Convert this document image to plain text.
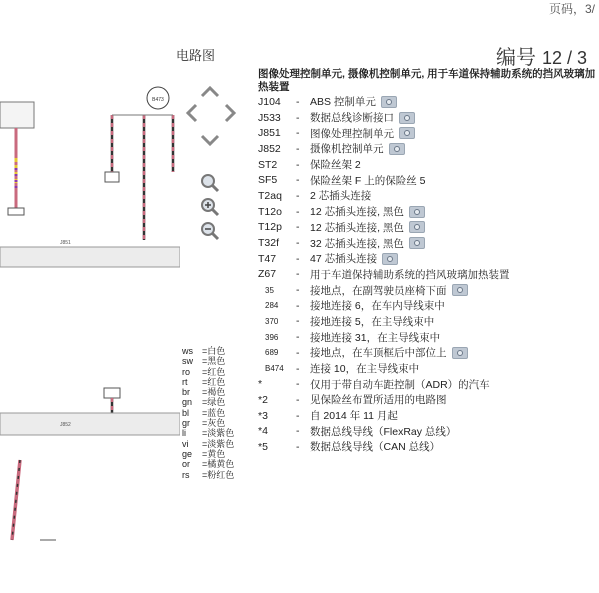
页码，3/
电路图	编号 12 / 3
图像处理控制单元, 摄像机控制单元, 用于车道保持辅助系统的挡风玻璃加热装置
J104	-	ABS 控制单元
J533	-	数据总线诊断接口
J851	-	图像处理控制单元
J852	-	摄像机控制单元
ST2	-	保险丝架 2
SF5	-	保险丝架 F 上的保险丝 5
T2aq	-	2 芯插头连接
T12o	-	12 芯插头连接, 黑色
T12p	-	12 芯插头连接, 黑色
T32f	-	32 芯插头连接, 黑色
T47	-	47 芯插头连接
Z67	-	用于车道保持辅助系统的挡风玻璃加热装置
35	-	接地点，在副驾驶员座椅下面
284	-	接地连接 6，在车内导线束中
370	-	接地连接 5，在主导线束中
396	-	接地连接 31，在主导线束中
689	-	接地点，在车顶框后中部位上
B474	-	连接 10，在主导线束中
*	-	仅用于带自动车距控制（ADR）的汽车
*2	-	见保险丝布置所适用的电路图
*3	-	自 2014 年 11 月起
*4	-	数据总线导线（FlexRay 总线）
*5	-	数据总线导线（CAN 总线）
ws	= 白色
sw	= 黑色
ro	= 红色
rt	= 红色
br	= 褐色
gn	= 绿色
bl	= 蓝色
gr	= 灰色
li	= 淡紫色
vi	= 淡紫色
ge	= 黄色
or	= 橘黄色
rs	= 粉红色
B473
J851
J852
